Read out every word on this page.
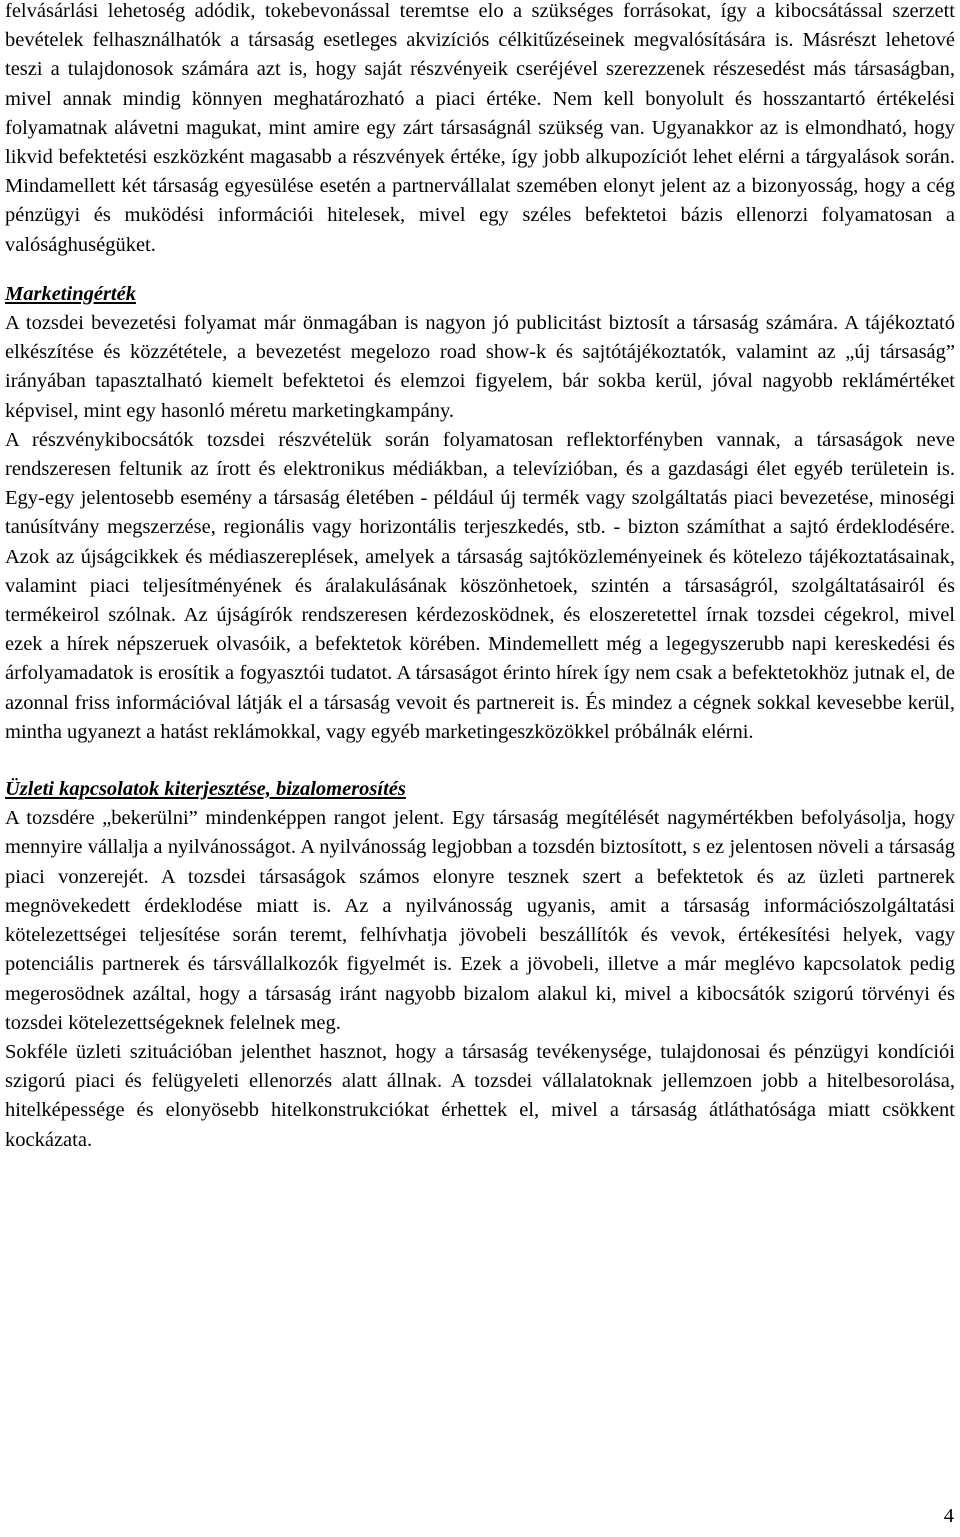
felvásárlási lehetoség adódik, tokebevonással teremtse elo a szükséges forrásokat, így a kibocsátással szerzett bevételek felhasználhatók a társaság esetleges akvizíciós célkitűzéseinek megvalósítására is. Másrészt lehetové teszi a tulajdonosok számára azt is, hogy saját részvényeik cseréjével szerezzenek részesedést más társaságban, mivel annak mindig könnyen meghatározható a piaci értéke. Nem kell bonyolult és hosszantartó értékelési folyamatnak alávetni magukat, mint amire egy zárt társaságnál szükség van. Ugyanakkor az is elmondható, hogy likvid befektetési eszközként magasabb a részvények értéke, így jobb alkupozíciót lehet elérni a tárgyalások során. Mindamellett két társaság egyesülése esetén a partnervállalat szemében elonyt jelent az a bizonyosság, hogy a cég pénzügyi és muködési információi hitelesek, mivel egy széles befektetoi bázis ellenorzi folyamatosan a valósághuségüket.

Marketingérték

A tozsdei bevezetési folyamat már önmagában is nagyon jó publicitást biztosít a társaság számára. A tájékoztató elkészítése és közzététele, a bevezetést megelozo road show-k és sajtótájékoztatók, valamint az „új társaság” irányában tapasztalható kiemelt befektetoi és elemzoi figyelem, bár sokba kerül, jóval nagyobb reklámértéket képvisel, mint egy hasonló méretu marketingkampány.

A részvénykibocsátók tozsdei részvételük során folyamatosan reflektorfényben vannak, a társaságok neve rendszeresen feltunik az írott és elektronikus médiákban, a televízióban, és a gazdasági élet egyéb területein is. Egy-egy jelentosebb esemény a társaság életében - például új termék vagy szolgáltatás piaci bevezetése, minoségi tanúsítvány megszerzése, regionális vagy horizontális terjeszkedés, stb. - bizton számíthat a sajtó érdeklodésére. Azok az újságcikkek és médiaszereplések, amelyek a társaság sajtóközleményeinek és kötelezo tájékoztatásainak, valamint piaci teljesítményének és áralakulásának köszönhetoek, szintén a társaságról, szolgáltatásairól és termékeirol szólnak. Az újságírók rendszeresen kérdezosködnek, és eloszeretettel írnak tozsdei cégekrol, mivel ezek a hírek népszeruek olvasóik, a befektetok körében. Mindemellett még a legegyszerubb napi kereskedési és árfolyamadatok is erosítik a fogyasztói tudatot. A társaságot érinto hírek így nem csak a befektetokhöz jutnak el, de azonnal friss információval látják el a társaság vevoit és partnereit is. És mindez a cégnek sokkal kevesebbe kerül, mintha ugyanezt a hatást reklámokkal, vagy egyéb marketingeszközökkel próbálnák elérni.

Üzleti kapcsolatok kiterjesztése, bizalomerosítés

A tozsdére „bekerülni” mindenképpen rangot jelent. Egy társaság megítélését nagymértékben befolyásolja, hogy mennyire vállalja a nyilvánosságot. A nyilvánosság legjobban a tozsdén biztosított, s ez jelentosen növeli a társaság piaci vonzerejét. A tozsdei társaságok számos elonyre tesznek szert a befektetok és az üzleti partnerek megnövekedett érdeklodése miatt is. Az a nyilvánosság ugyanis, amit a társaság információszolgáltatási kötelezettségei teljesítése során teremt, felhívhatja jövobeli beszállítók és vevok, értékesítési helyek, vagy potenciális partnerek és társvállalkozók figyelmét is. Ezek a jövobeli, illetve a már meglévo kapcsolatok pedig megerosödnek azáltal, hogy a társaság iránt nagyobb bizalom alakul ki, mivel a kibocsátók szigorú törvényi és tozsdei kötelezettségeknek felelnek meg.

Sokféle üzleti szituációban jelenthet hasznot, hogy a társaság tevékenysége, tulajdonosai és pénzügyi kondíciói szigorú piaci és felügyeleti ellenorzés alatt állnak. A tozsdei vállalatoknak jellemzoen jobb a hitelbesorolása, hitelképessége és elonyösebb hitelkonstrukciókat érhettek el, mivel a társaság átláthatósága miatt csökkent kockázata.

4
